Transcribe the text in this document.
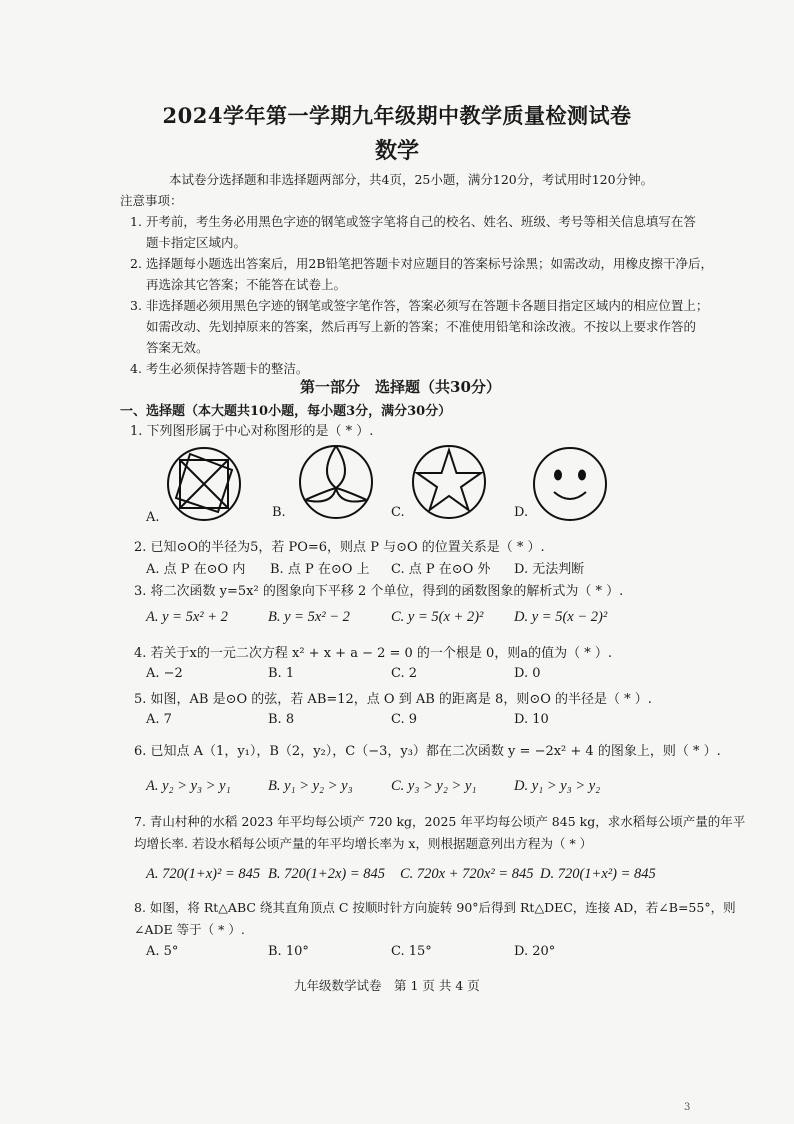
2024学年第一学期九年级期中教学质量检测试卷
数学
本试卷分选择题和非选择题两部分，共4页，25小题，满分120分，考试用时120分钟。
注意事项：
1. 开考前，考生务必用黑色字迹的钢笔或签字笔将自己的校名、姓名、班级、考号等相关信息填写在答
题卡指定区域内。
2. 选择题每小题选出答案后，用2B铅笔把答题卡对应题目的答案标号涂黑；如需改动，用橡皮擦干净后，
再选涂其它答案；不能答在试卷上。
3. 非选择题必须用黑色字迹的钢笔或签字笔作答，答案必须写在答题卡各题目指定区域内的相应位置上；
如需改动、先划掉原来的答案，然后再写上新的答案；不准使用铅笔和涂改液。不按以上要求作答的
答案无效。
4. 考生必须保持答题卡的整洁。
第一部分　选择题（共30分）
一、选择题（本大题共10小题，每小题3分，满分30分）
1. 下列图形属于中心对称图形的是（ * ）.
A.	B.	C.	D.
2. 已知⊙O的半径为5，若 PO=6，则点 P 与⊙O 的位置关系是（ * ）.
A. 点 P 在⊙O 内 B. 点 P 在⊙O 上 C. 点 P 在⊙O 外 D. 无法判断
3. 将二次函数 y=5x² 的图象向下平移 2 个单位，得到的函数图象的解析式为（ * ）.
A. y = 5x² + 2	B. y = 5x² − 2	C. y = 5(x + 2)² D. y = 5(x − 2)²
4. 若关于x的一元二次方程 x² + x + a − 2 = 0 的一个根是 0，则a的值为（ * ）.
A. −2	B. 1	C. 2	D. 0
5. 如图，AB 是⊙O 的弦，若 AB=12，点 O 到 AB 的距离是 8，则⊙O 的半径是（ * ）.
A. 7	B. 8	C. 9	D. 10
6. 已知点 A（1，y₁），B（2，y₂），C（−3，y₃）都在二次函数 y = −2x² + 4 的图象上，则（ * ）.
A. y₂ > y₃ > y₁	B. y₁ > y₂ > y₃	C. y₃ > y₂ > y₁	D. y₁ > y₃ > y₂
7. 青山村种的水稻 2023 年平均每公顷产 720 kg，2025 年平均每公顷产 845 kg，求水稻每公顷产量的年平
均增长率. 若设水稻每公顷产量的年平均增长率为 x，则根据题意列出方程为（ * ）
A. 720(1+x)² = 845 B. 720(1+2x) = 845 C. 720x + 720x² = 845 D. 720(1+x²) = 845
8. 如图，将 Rt△ABC 绕其直角顶点 C 按顺时针方向旋转 90°后得到 Rt△DEC，连接 AD，若∠B=55°，则
∠ADE 等于（ * ）.
A. 5°	B. 10°	C. 15°	D. 20°
九年级数学试卷　第 1 页 共 4 页
3
